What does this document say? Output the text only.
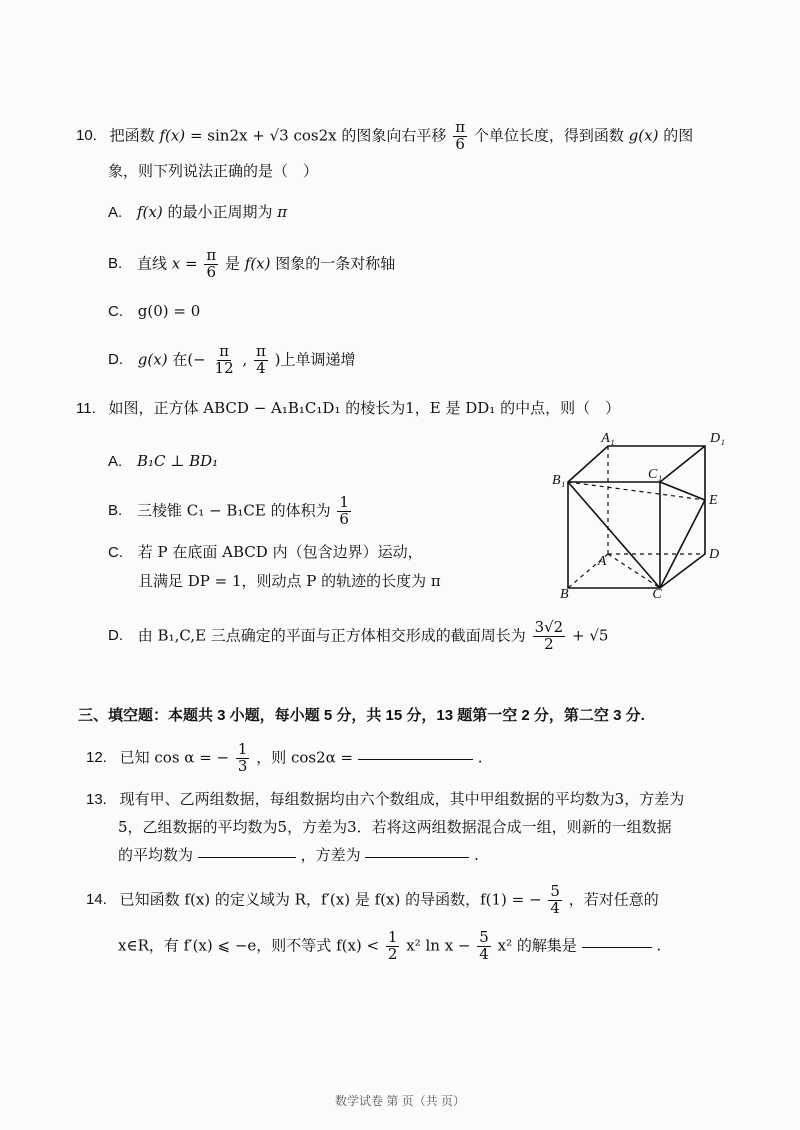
10. 把函数 f(x) = sin2x + √3 cos2x 的图象向右平移 $\frac{\pi}{6}$ 个单位长度，得到函数 g(x) 的图
象，则下列说法正确的是（　）
A. f(x) 的最小正周期为 π
B. 直线 $x = \frac{\pi}{6}$ 是 f(x) 图象的一条对称轴
C. g(0) = 0
D. g(x) 在(− $\frac{\pi}{12}$ , $\frac{\pi}{4}$ )上单调递增
11. 如图，正方体 ABCD − A₁B₁C₁D₁ 的棱长为1，E 是 DD₁ 的中点，则（　）
A. B₁C ⊥ BD₁
B. 三棱锥 C₁ − B₁CE 的体积为 $\frac{1}{6}$
C. 若 P 在底面 ABCD 内（包含边界）运动，
且满足 DP = 1，则动点 P 的轨迹的长度为 π
D. 由 B₁,C,E 三点确定的平面与正方体相交形成的截面周长为 $\frac{3√2}{2} + √5$
A₁	D₁
B₁	C₁
E
A	D
B	C
三、填空题：本题共 3 小题，每小题 5 分，共 15 分，13 题第一空 2 分，第二空 3 分.
12. 已知 cos α = − $\frac{1}{3}$ ，则 cos2α =	.
13. 现有甲、乙两组数据，每组数据均由六个数组成，其中甲组数据的平均数为3，方差为
5，乙组数据的平均数为5，方差为3．若将这两组数据混合成一组，则新的一组数据
的平均数为	，方差为	.
14. 已知函数 f(x) 的定义域为 R，f′(x) 是 f(x) 的导函数，f(1) = − $\frac{5}{4}$ ，若对任意的
x∈R，有 f′(x) ⩽ −e，则不等式 $f(x) < \frac{1}{2} x^2$ $\ln x - \frac{5}{4} x^2$ 的解集是	.
数学试卷 第 页（共 页）
